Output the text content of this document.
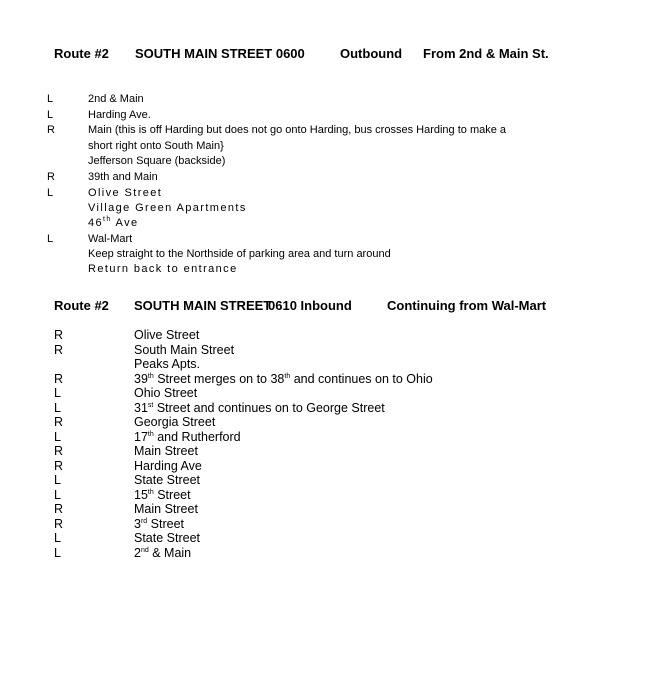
Route #2 SOUTH MAIN STREET 0600	Outbound From 2nd & Main St.
L	2nd & Main
L	Harding Ave.
R	Main (this is off Harding but does not go onto Harding, bus crosses Harding to make a
short right onto South Main}
Jefferson Square (backside)
R	39th and Main
L	Olive Street
Village Green Apartments
46th Ave
L	Wal-Mart
Keep straight to the Northside of parking area and turn around
Return back to entrance
Route #2 SOUTH MAIN STREET
0610 Inbound	Continuing from Wal-Mart
R	Olive Street
R	South Main Street
Peaks Apts.
R	39th Street merges on to 38th and continues on to Ohio
L	Ohio Street
L	31st Street and continues on to George Street
R	Georgia Street
L	17th and Rutherford
R	Main Street
R	Harding Ave
L	State Street
L	15th Street
R	Main Street
R	3rd Street
L	State Street
L	2nd & Main
